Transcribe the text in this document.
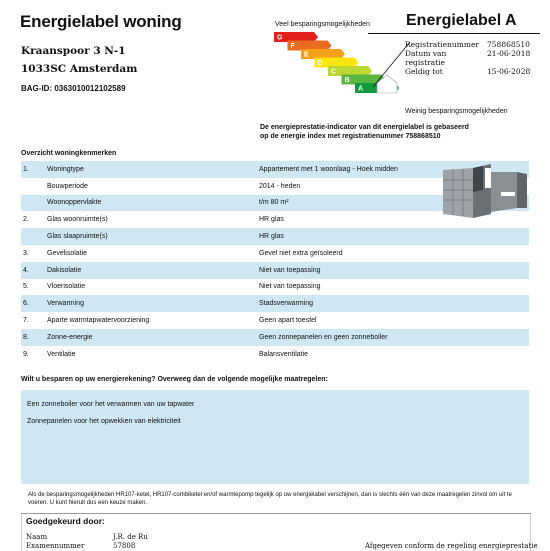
Energielabel woning
Kraanspoor 3 N-1
1033SC Amsterdam
BAG-ID: 0363010012102589
Veel besparingsmogelijkheden
G
F
E
D
C
B
A
Weinig besparingsmogelijkheden
Energielabel A
Registratienummer	758868510
Datum van registratie
21-06-2018
Geldig tot	15-06-2028
De energieprestatie-indicator van dit energielabel is gebaseerd op de energie index met registratienummer 758868510
Overzicht woningkenmerken
1.	Woningtype	Appartement met 1 woonlaag - Hoek midden
Bouwperiode	2014 - heden
Woonoppervlakte	t/m 80 m²
2.	Glas woonruimte(s)	HR glas
Glas slaapruimte(s)	HR glas
3.	Gevelisolatie	Gevel niet extra geïsoleerd
4.	Dakisolatie	Niet van toepassing
5.	Vloerisolatie	Niet van toepassing
6.	Verwarming	Stadsverwarming
7.	Aparte warmtapwatervoorziening	Geen apart toestel
8.	Zonne-energie	Geen zonnepanelen en geen zonneboiler
9.	Ventilatie	Balansventilatie
Wilt u besparen op uw energierekening? Overweeg dan de volgende mogelijke maatregelen:
Een zonneboiler voor het verwarmen van uw tapwater
Zonnepanelen voor het opwekken van elektriciteit
Als de besparingsmogelijkheden HR107-ketel, HR107-combiketel en/of warmtepomp tegelijk op uw energielabel verschijnen, dan is slechts één van deze maatregelen zinvol om uit te voeren. U kunt hieruit dus een keuze maken.
Goedgekeurd door:
Naam	J.R. de Ru
Examennummer	57808	Afgegeven conform de regeling energieprestatie
